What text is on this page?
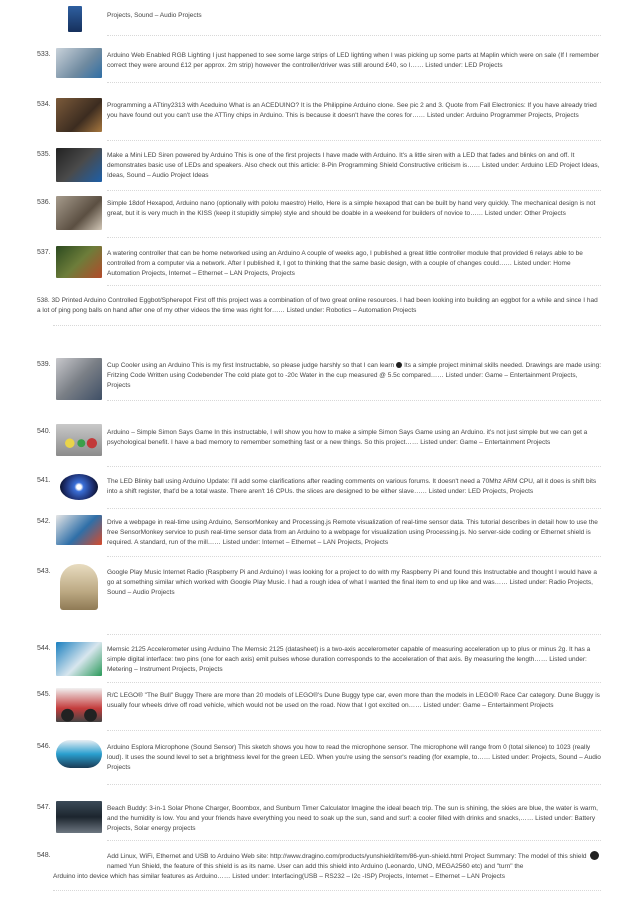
Projects, Sound – Audio Projects
533.	Arduino Web Enabled RGB Lighting I just happened to see some large strips of LED lighting when I was picking up some parts at Maplin which were on sale (If I remember correct they were around £12 per approx. 2m strip) however the controller/driver was still around £40, so I…… Listed under: LED Projects
534.	Programming a ATtiny2313 with Aceduino What is an ACEDUINO? It is the Philippine Arduino clone. See pic 2 and 3. Quote from Fall Electronics: If you have already tried you have found out you can't use the ATTiny chips in Arduino. This is because it doesn't have the cores for…… Listed under: Arduino Programmer Projects, Projects
535.	Make a Mini LED Siren powered by Arduino This is one of the first projects I have made with Arduino. It's a little siren with a LED that fades and blinks on and off. It demonstrates basic use of LEDs and speakers. Also check out this article: 8-Pin Programming Shield Constructive criticism is…… Listed under: Arduino LED Project Ideas, Ideas, Sound – Audio Project Ideas
536.	Simple 18dof Hexapod, Arduino nano (optionally with pololu maestro) Hello, Here is a simple hexapod that can be built by hand very quickly. The mechanical design is not great, but it is very much in the KISS (keep it stupidly simple) style and should be doable in a weekend for builders of novice to…… Listed under: Other Projects
537.	A watering controller that can be home networked using an Arduino A couple of weeks ago, I published a great little controller module that provided 6 relays able to be controlled from a computer via a network. After I published it, I got to thinking that the same basic design, with a couple of changes could…… Listed under: Home Automation Projects, Internet – Ethernet – LAN Projects, Projects
538. 3D Printed Arduino Controlled Eggbot/Spherepot First off this project was a combination of of two great online resources. I had been looking into building an eggbot for a while and since I had a lot of ping pong balls on hand after one of my other videos the time was right for…… Listed under: Robotics – Automation Projects
539.	Cup Cooler using an Arduino This is my first Instructable, so please judge harshly so that I can learn Its a simple project minimal skills needed. Drawings are made using: Fritzing Code Written using Codebender The cold plate got to -20c Water in the cup measured @ 5.5c compared…… Listed under: Game – Entertainment Projects, Projects
540.	Arduino – Simple Simon Says Game In this instructable, I will show you how to make a simple Simon Says Game using an Arduino. it's not just simple but we can get a psychological benefit. I have a bad memory to remember something fast or a new things. So this project…… Listed under: Game – Entertainment Projects
541.	The LED Blinky ball using Arduino Update: I'll add some clarifications after reading comments on various forums. It doesn't need a 70Mhz ARM CPU, all it does is shift bits into a shift register, that'd be a total waste. There aren't 16 CPUs. the slices are designed to be either slave…… Listed under: LED Projects, Projects
542.	Drive a webpage in real-time using Arduino, SensorMonkey and Processing.js Remote visualization of real-time sensor data. This tutorial describes in detail how to use the free SensorMonkey service to push real-time sensor data from an Arduino to a webpage for visualization using Processing.js. No server-side coding or Ethernet shield is required. A standard, run of the mill…… Listed under: Internet – Ethernet – LAN Projects, Projects
543.	Google Play Music Internet Radio (Raspberry Pi and Arduino) I was looking for a project to do with my Raspberry Pi and found this Instructable and thought I would have a go at something similar which worked with Google Play Music. I had a rough idea of what I wanted the final item to end up like and was…… Listed under: Radio Projects, Sound – Audio Projects
544.	Memsic 2125 Accelerometer using Arduino The Memsic 2125 (datasheet) is a two-axis accelerometer capable of measuring acceleration up to plus or minus 2g. It has a simple digital interface: two pins (one for each axis) emit pulses whose duration corresponds to the acceleration of that axis. By measuring the length…… Listed under: Metering – Instrument Projects, Projects
545.	R/C LEGO® "The Bull" Buggy There are more than 20 models of LEGO®'s Dune Buggy type car, even more than the models in LEGO® Race Car category. Dune Buggy is usually four wheels drive off road vehicle, which would not be used on the road. Now that I got excited on…… Listed under: Game – Entertainment Projects
546.	Arduino Esplora Microphone (Sound Sensor) This sketch shows you how to read the microphone sensor. The microphone will range from 0 (total silence) to 1023 (really loud). It uses the sound level to set a brightness level for the green LED. When you're using the sensor's reading (for example, to…… Listed under: Projects, Sound – Audio Projects
547.	Beach Buddy: 3-in-1 Solar Phone Charger, Boombox, and Sunburn Timer Calculator Imagine the ideal beach trip. The sun is shining, the skies are blue, the water is warm, and the humidity is low. You and your friends have everything you need to soak up the sun, sand and surf: a cooler filled with drinks and snacks,…… Listed under: Battery Projects, Solar energy projects
548.	Add Linux, WiFi, Ethernet and USB to Arduino Web site: http://www.dragino.com/products/yunshield/item/86-yun-shield.html Project Summary: The model of this shield named Yun Shield, the feature of this shield is as its name. User can add this shield into Arduino (Leonardo, UNO, MEGA2560 etc) and "turn" the
Arduino into device which has similar features as Arduino…… Listed under: Interfacing(USB – RS232 – I2c -ISP) Projects, Internet – Ethernet – LAN Projects
